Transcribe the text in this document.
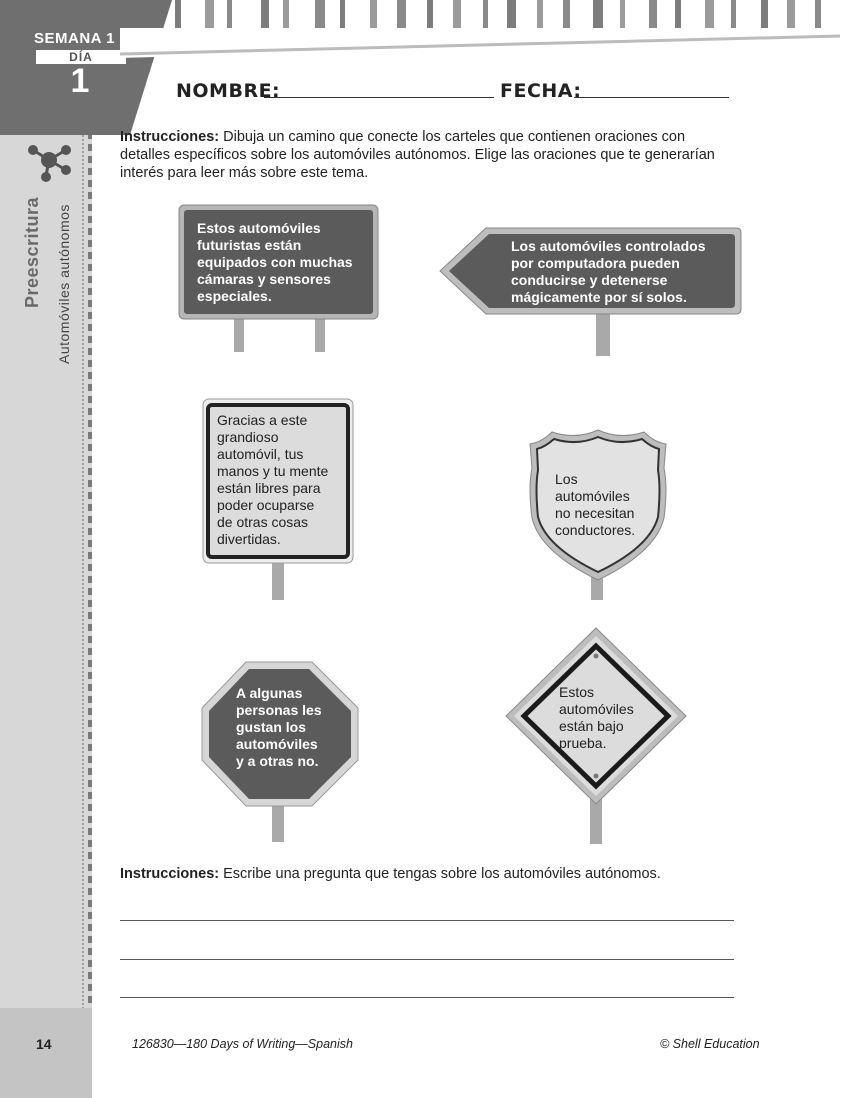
14
SEMANA 1
DÍA
1
Preescritura Automóviles autónomos
NOMBRE:	FECHA:
Instrucciones: Dibuja un camino que conecte los carteles que contienen oraciones con
detalles específicos sobre los automóviles autónomos. Elige las oraciones que te generarían
interés para leer más sobre este tema.
Estos automóviles
futuristas están
equipados con muchas
cámaras y sensores
especiales.
Los automóviles controlados
por computadora pueden
conducirse y detenerse
mágicamente por sí solos.
Gracias a este
grandioso
automóvil, tus
manos y tu mente
están libres para
poder ocuparse
de otras cosas
divertidas.
Los
automóviles
no necesitan
conductores.
A algunas
personas les
gustan los
automóviles
y a otras no.
Estos
automóviles
están bajo
prueba.
Instrucciones: Escribe una pregunta que tengas sobre los automóviles autónomos.
126830—180 Days of Writing—Spanish	© Shell Education
